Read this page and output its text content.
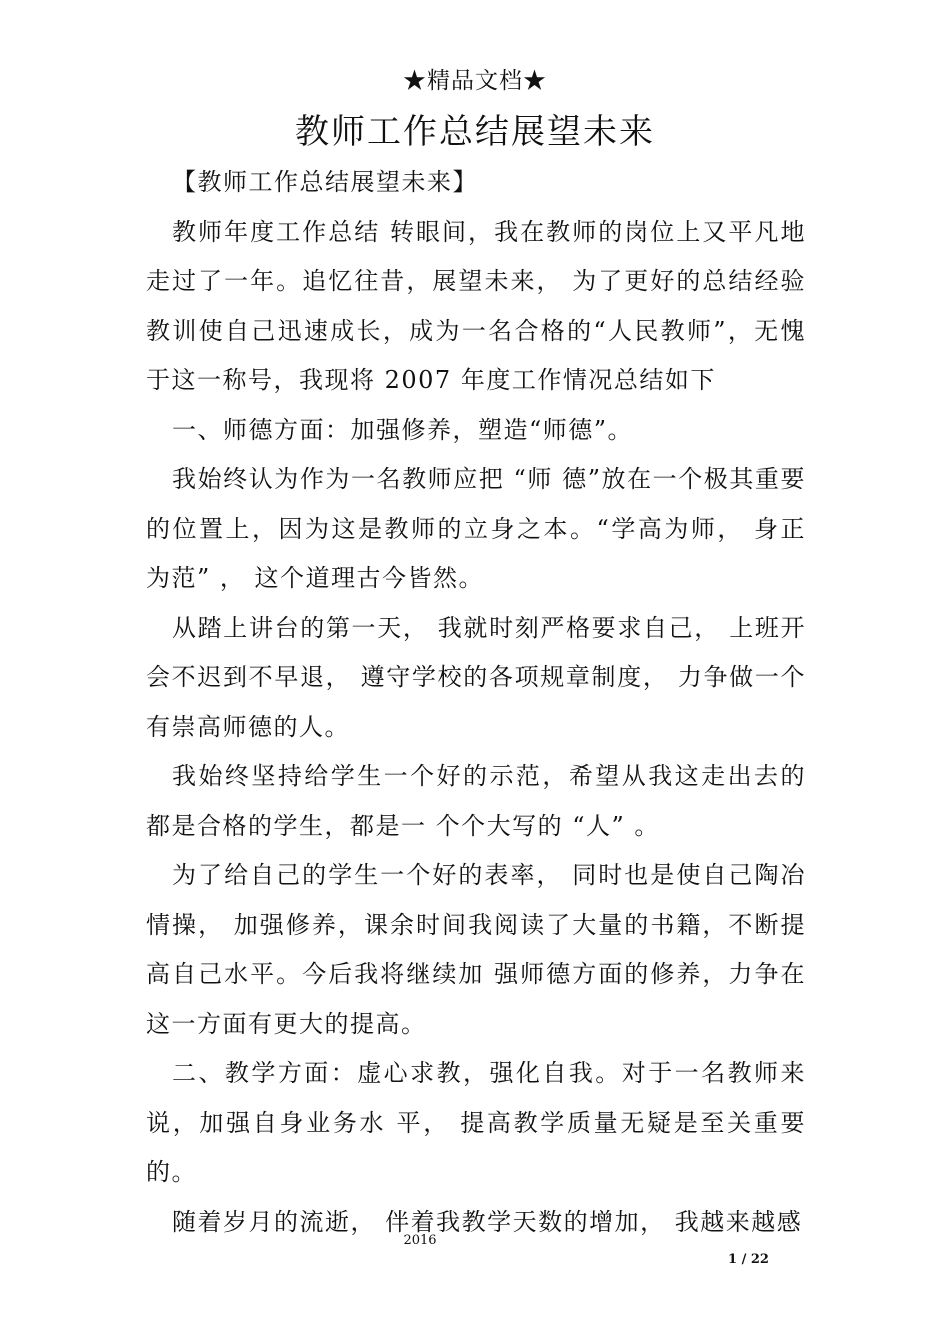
★精品文档★
教师工作总结展望未来

【教师工作总结展望未来】

教师年度工作总结 转眼间，我在教师的岗位上又平凡地走过了一年。追忆往昔，展望未来， 为了更好的总结经验教训使自己迅速成长，成为一名合格的“人民教师”，无愧 于这一称号，我现将 2007 年度工作情况总结如下

一、师德方面：加强修养，塑造“师德”。

我始终认为作为一名教师应把 “师 德”放在一个极其重要的位置上，因为这是教师的立身之本。“学高为师， 身正为范” ， 这个道理古今皆然。

从踏上讲台的第一天， 我就时刻严格要求自己， 上班开会不迟到不早退， 遵守学校的各项规章制度， 力争做一个有崇高师德的人。

我始终坚持给学生一个好的示范，希望从我这走出去的都是合格的学生，都是一 个个大写的 “人” 。

为了给自己的学生一个好的表率， 同时也是使自己陶冶情操， 加强修养，课余时间我阅读了大量的书籍，不断提高自己水平。今后我将继续加 强师德方面的修养，力争在这一方面有更大的提高。

二、教学方面：虚心求教，强化自我。对于一名教师来说，加强自身业务水 平， 提高教学质量无疑是至关重要的。

随着岁月的流逝， 伴着我教学天数的增加， 我越来越感

2016
1 / 22
